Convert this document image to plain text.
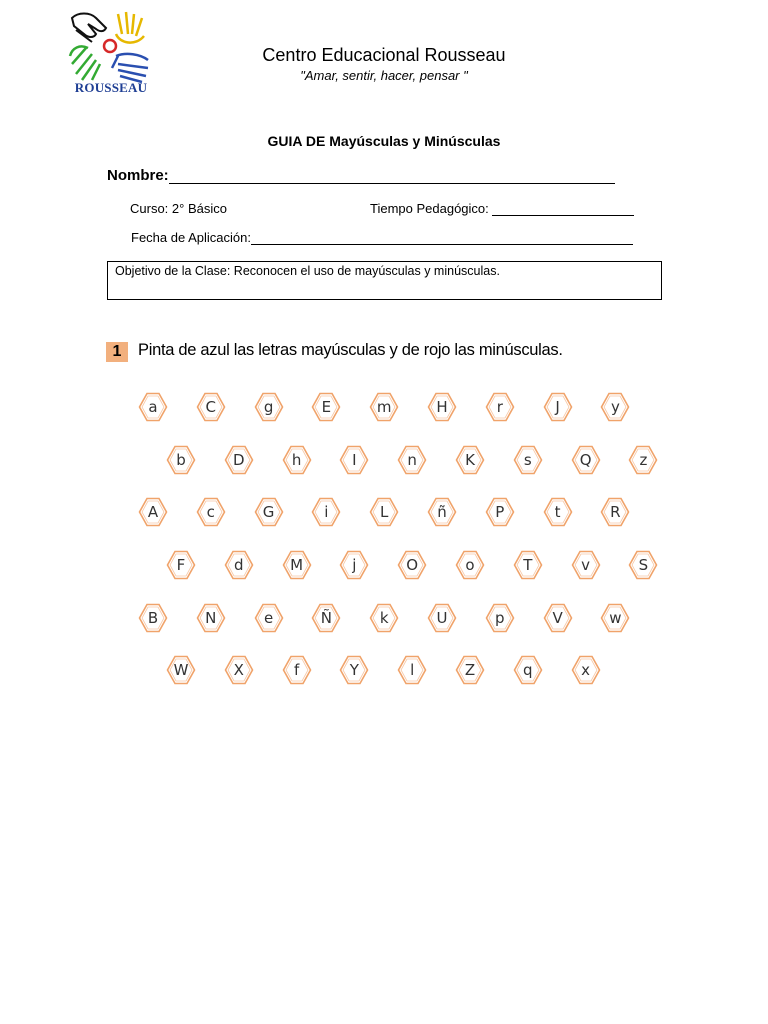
ROUSSEAU
Centro Educacional Rousseau
"Amar, sentir, hacer, pensar "
GUIA DE Mayúsculas y Minúsculas
Nombre:
Curso: 2° Básico	Tiempo Pedagógico:
Fecha de Aplicación:
Objetivo de la Clase: Reconocen el uso de mayúsculas y minúsculas.
1	Pinta de azul las letras mayúsculas y de rojo las minúsculas.
a	C	g	E	m	H	r	J	y
b	D	h	I	n	K	s	Q	z
A	c	G	i	L	ñ	P	t	R
F	d	M	j	O	o	T	v	S
B	N	e	Ñ	k	U	p	V	w
W	X	f	Y	l	Z	q	x
